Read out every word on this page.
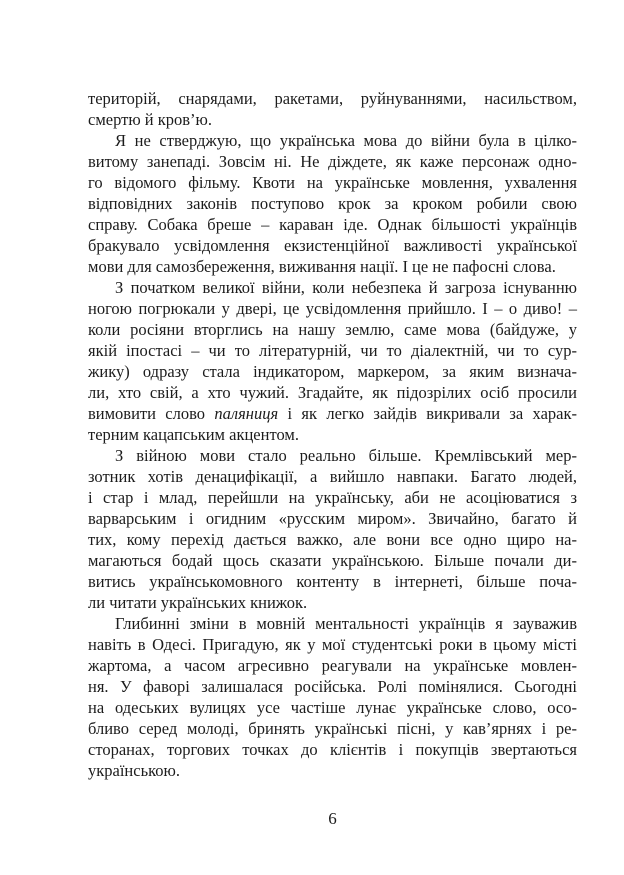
територій, снарядами, ракетами, руйнуваннями, насильством,
смертю й кров’ю.
Я не стверджую, що українська мова до війни була в цілко-
витому занепаді. Зовсім ні. Не діждете, як каже персонаж одно-
го відомого фільму. Квоти на українське мовлення, ухвалення
відповідних законів поступово крок за кроком робили свою
справу. Собака бреше – караван іде. Однак більшості українців
бракувало усвідомлення екзистенційної важливості української
мови для самозбереження, виживання нації. І це не пафосні слова.
З початком великої війни, коли небезпека й загроза існуванню
ногою погрюкали у двері, це усвідомлення прийшло. І – о диво! –
коли росіяни вторглись на нашу землю, саме мова (байдуже, у
якій іпостасі – чи то літературній, чи то діалектній, чи то сур-
жику) одразу стала індикатором, маркером, за яким визнача-
ли, хто свій, а хто чужий. Згадайте, як підозрілих осіб просили
вимовити слово паляниця і як легко зайдів викривали за харак-
терним кацапським акцентом.
З війною мови стало реально більше. Кремлівський мер-
зотник хотів денацифікації, а вийшло навпаки. Багато людей,
і стар і млад, перейшли на українську, аби не асоціюватися з
варварським і огидним «русским миром». Звичайно, багато й
тих, кому перехід дається важко, але вони все одно щиро на-
магаються бодай щось сказати українською. Більше почали ди-
витись українськомовного контенту в інтернеті, більше поча-
ли читати українських книжок.
Глибинні зміни в мовній ментальності українців я зауважив
навіть в Одесі. Пригадую, як у мої студентські роки в цьому місті
жартома, а часом агресивно реагували на українське мовлен-
ня. У фаворі залишалася російська. Ролі помінялися. Сьогодні
на одеських вулицях усе частіше лунає українське слово, осо-
бливо серед молоді, бринять українські пісні, у кав’ярнях і ре-
сторанах, торгових точках до клієнтів і покупців звертаються
українською.
6
